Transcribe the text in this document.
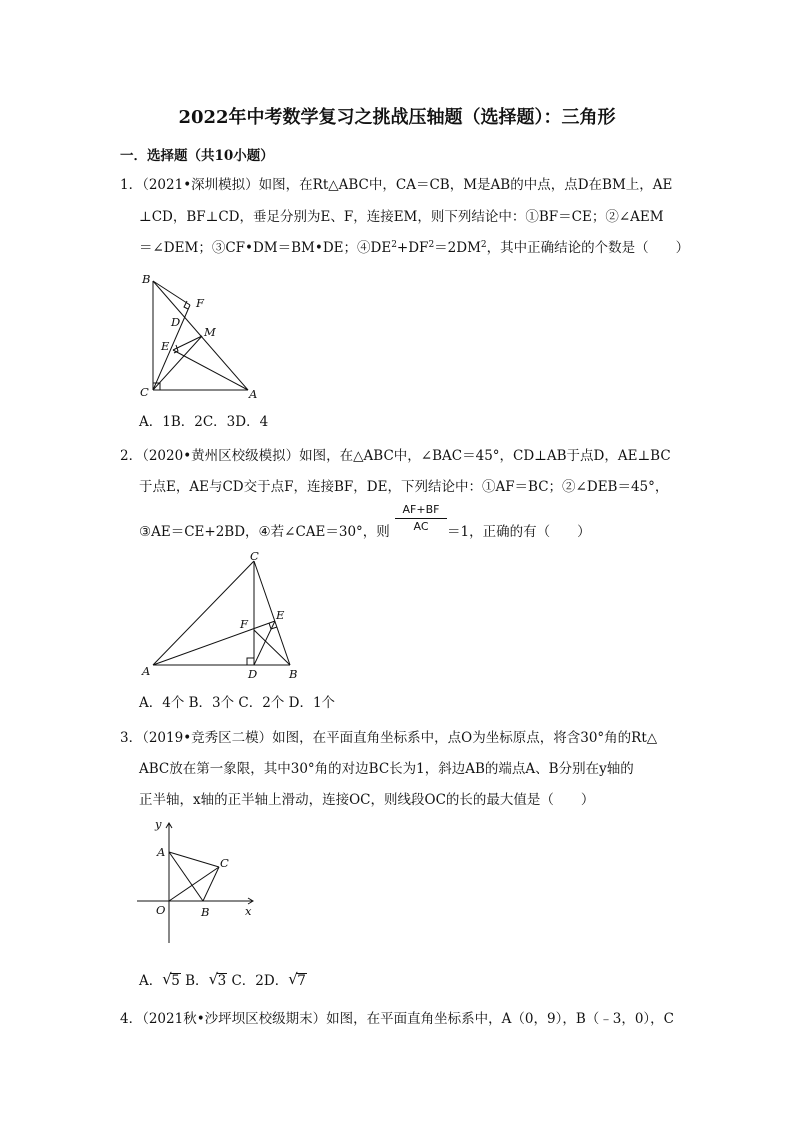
2022年中考数学复习之挑战压轴题（选择题）：三角形
一．选择题（共10小题）
1．（2021•深圳模拟）如图，在Rt△ABC中，CA＝CB，M是AB的中点，点D在BM上，AE
⊥CD，BF⊥CD，垂足分别为E、F，连接EM，则下列结论中：①BF＝CE；②∠AEM
＝∠DEM；③CF•DM＝BM•DE；$④DE^2+DF^2=2DM^2$，其中正确结论的个数是（　　）
B
F
D
M
E
C	A
A．1B．2C．3D．4
2．（2020•黄州区校级模拟）如图，在△ABC中，∠BAC＝45°，CD⊥AB于点D，AE⊥BC
于点E，AE与CD交于点F，连接BF，DE，下列结论中：①AF＝BC；②∠DEB＝45°，
③AE＝CE+2BD，④若∠CAE＝30°，则 $\frac{AF+BF}{AC} =1$，正确的有（　　）
C
E
F
A	D	B
A．4个 B．3个 C．2个 D．1个
3．（2019•竞秀区二模）如图，在平面直角坐标系中，点O为坐标原点，将含30°角的Rt△
ABC放在第一象限，其中30°角的对边BC长为1，斜边AB的端点A、B分别在y轴的
正半轴，x轴的正半轴上滑动，连接OC，则线段OC的长的最大值是（　　）
y
A
C
O	B	x
A． √ 5 B． √ 3 C．2D． √ 7
4．（2021秋•沙坪坝区校级期末）如图，在平面直角坐标系中，A（0，9），B（﹣3，0），C
